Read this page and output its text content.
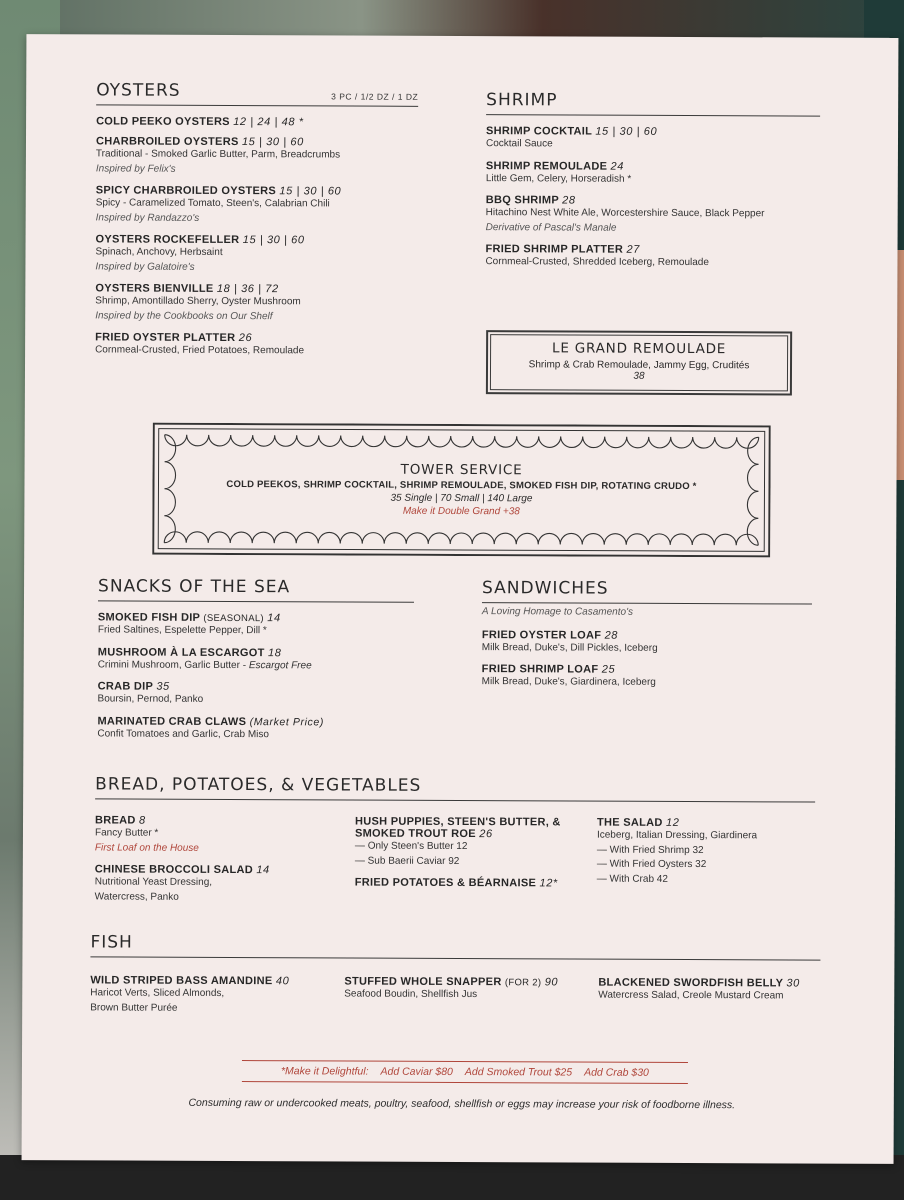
OYSTERS	3 PC / 1/2 DZ / 1 DZ
COLD PEEKO OYSTERS 12 | 24 | 48 *
CHARBROILED OYSTERS 15 | 30 | 60
Traditional - Smoked Garlic Butter, Parm, Breadcrumbs
Inspired by Felix's
SPICY CHARBROILED OYSTERS 15 | 30 | 60
Spicy - Caramelized Tomato, Steen's, Calabrian Chili
Inspired by Randazzo's
OYSTERS ROCKEFELLER 15 | 30 | 60
Spinach, Anchovy, Herbsaint
Inspired by Galatoire's
OYSTERS BIENVILLE 18 | 36 | 72
Shrimp, Amontillado Sherry, Oyster Mushroom
Inspired by the Cookbooks on Our Shelf
FRIED OYSTER PLATTER 26
Cornmeal-Crusted, Fried Potatoes, Remoulade
SHRIMP
SHRIMP COCKTAIL 15 | 30 | 60
Cocktail Sauce
SHRIMP REMOULADE 24
Little Gem, Celery, Horseradish *
BBQ SHRIMP 28
Hitachino Nest White Ale, Worcestershire Sauce, Black Pepper
Derivative of Pascal's Manale
FRIED SHRIMP PLATTER 27
Cornmeal-Crusted, Shredded Iceberg, Remoulade
LE GRAND REMOULADE
Shrimp & Crab Remoulade, Jammy Egg, Crudités
38
TOWER SERVICE
COLD PEEKOS, SHRIMP COCKTAIL, SHRIMP REMOULADE, SMOKED FISH DIP, ROTATING CRUDO *
35 Single | 70 Small | 140 Large
Make it Double Grand +38
SNACKS OF THE SEA
SMOKED FISH DIP (SEASONAL) 14
Fried Saltines, Espelette Pepper, Dill *
MUSHROOM À LA ESCARGOT 18
Crimini Mushroom, Garlic Butter - Escargot Free
CRAB DIP 35
Boursin, Pernod, Panko
MARINATED CRAB CLAWS (Market Price)
Confit Tomatoes and Garlic, Crab Miso
SANDWICHES
A Loving Homage to Casamento's
FRIED OYSTER LOAF 28
Milk Bread, Duke's, Dill Pickles, Iceberg
FRIED SHRIMP LOAF 25
Milk Bread, Duke's, Giardinera, Iceberg
BREAD, POTATOES, & VEGETABLES
BREAD 8
Fancy Butter *
First Loaf on the House
CHINESE BROCCOLI SALAD 14
Nutritional Yeast Dressing,
Watercress, Panko
HUSH PUPPIES, STEEN'S BUTTER, &
SMOKED TROUT ROE 26
— Only Steen's Butter 12
— Sub Baerii Caviar 92
FRIED POTATOES & BÉARNAISE 12*
THE SALAD 12
Iceberg, Italian Dressing, Giardinera
— With Fried Shrimp 32
— With Fried Oysters 32
— With Crab 42
FISH
WILD STRIPED BASS AMANDINE 40
Haricot Verts, Sliced Almonds,
Brown Butter Purée
STUFFED WHOLE SNAPPER (FOR 2) 90
Seafood Boudin, Shellfish Jus
BLACKENED SWORDFISH BELLY 30
Watercress Salad, Creole Mustard Cream
*Make it Delightful: Add Caviar $80 Add Smoked Trout $25 Add Crab $30
Consuming raw or undercooked meats, poultry, seafood, shellfish or eggs may increase your risk of foodborne illness.
